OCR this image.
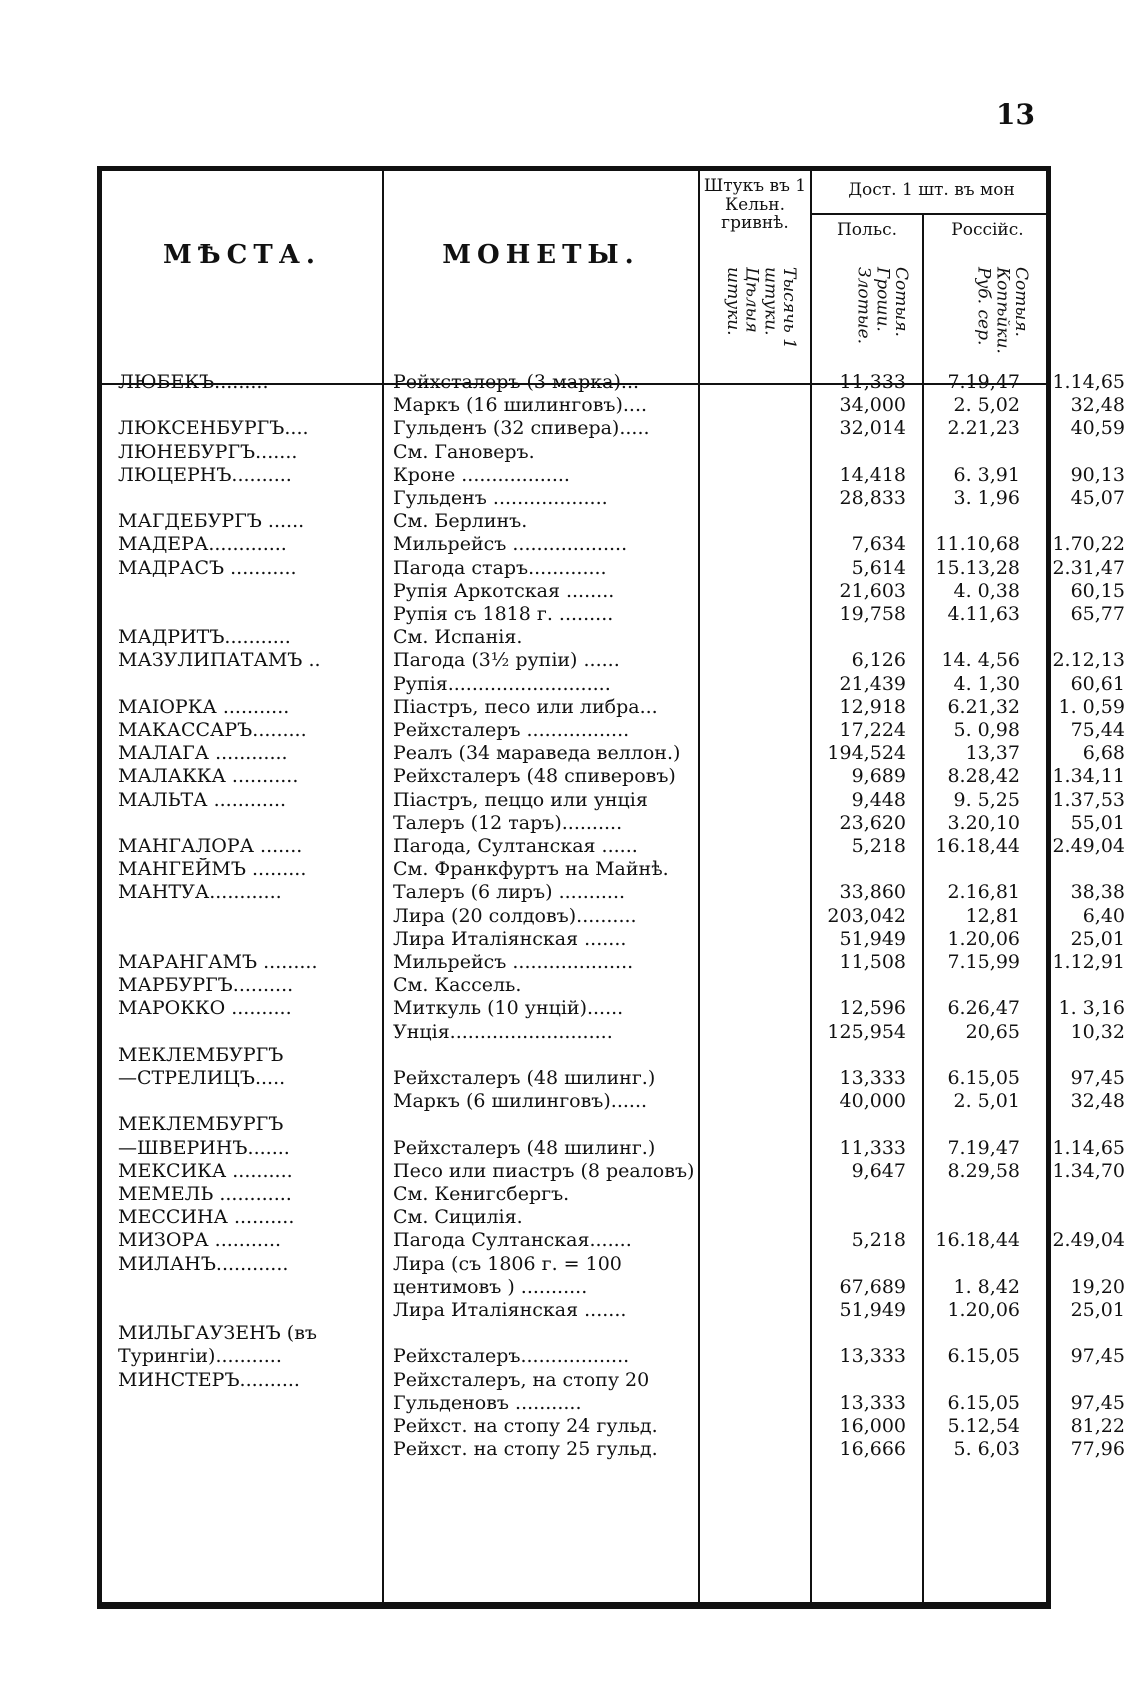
13
МѢСТА.	МОНЕТЫ.
Штукъ въ 1 Кельн. гривнѣ.
Дост. 1 шт. въ мон
Польс.	Россійс.
Тысячь 1 штуки. Цѣлыя штуки.	Сотыя. Гроши. Злотые.	Сотыя. Копѣйки. Руб. сер.
ЛЮБЕКЪ.........	Рейхсталеръ (3 марка)...	11,333	7.19,47	1.14,65
Маркъ (16 шилинговъ)....	34,000	2. 5,02	32,48
ЛЮКСЕНБУРГЪ....	Гульденъ (32 спивера).....	32,014	2.21,23	40,59
ЛЮНЕБУРГЪ.......	См. Гановеръ.
ЛЮЦЕРНЪ..........	Кроне ..................	14,418	6. 3,91	90,13
Гульденъ ...................	28,833	3. 1,96	45,07
МАГДЕБУРГЪ ......	См. Берлинъ.
МАДЕРА.............	Мильрейсъ ...................	7,634	11.10,68	1.70,22
МАДРАСЪ ...........	Пагода старъ.............	5,614	15.13,28	2.31,47
Рупія Аркотская ........	21,603	4. 0,38	60,15
Рупія съ 1818 г. .........	19,758	4.11,63	65,77
МАДРИТЪ...........	См. Испанія.
МАЗУЛИПАТАМЪ ..	Пагода (3½ рупіи) ......	6,126	14. 4,56	2.12,13
Рупія...........................	21,439	4. 1,30	60,61
МАІОРКА ...........	Піастръ, песо или либра...	12,918	6.21,32	1. 0,59
МАКАССАРЪ.........	Рейхсталеръ .................	17,224	5. 0,98	75,44
МАЛАГА ............	Реалъ (34 мараведа веллон.)	194,524	13,37	6,68
МАЛАККА ...........	Рейхсталеръ (48 спиверовъ)	9,689	8.28,42	1.34,11
МАЛЬТА ............	Піастръ, пеццо или унція	9,448	9. 5,25	1.37,53
Талеръ (12 таръ)..........	23,620	3.20,10	55,01
МАНГАЛОРА .......	Пагода, Султанская ......	5,218	16.18,44	2.49,04
МАНГЕЙМЪ .........	См. Франкфуртъ на Майнѣ.
МАНТУА............	Талеръ (6 лиръ) ...........	33,860	2.16,81	38,38
Лира (20 солдовъ)..........	203,042	12,81	6,40
Лира Италіянская .......	51,949	1.20,06	25,01
МАРАНГАМЪ .........	Мильрейсъ ....................	11,508	7.15,99	1.12,91
МАРБУРГЪ..........	См. Кассель.
МАРОККО ..........	Миткуль (10 унцій)......	12,596	6.26,47	1. 3,16
Унція...........................	125,954	20,65	10,32
МЕКЛЕМБУРГЪ
—СТРЕЛИЦЪ.....	Рейхсталеръ (48 шилинг.)	13,333	6.15,05	97,45
Маркъ (6 шилинговъ)......	40,000	2. 5,01	32,48
МЕКЛЕМБУРГЪ
—ШВЕРИНЪ.......	Рейхсталеръ (48 шилинг.)	11,333	7.19,47	1.14,65
МЕКСИКА ..........	Песо или пиастръ (8 реаловъ)	9,647	8.29,58	1.34,70
МЕМЕЛЬ ............	См. Кенигсбергъ.
МЕССИНА ..........	См. Сицилія.
МИЗОРА ...........	Пагода Султанская.......	5,218	16.18,44	2.49,04
МИЛАНЪ............	Лира (съ 1806 г. = 100
центимовъ ) ...........	67,689	1. 8,42	19,20
Лира Италіянская .......	51,949	1.20,06	25,01
МИЛЬГАУЗЕНЪ (въ
Турингіи)...........	Рейхсталеръ..................	13,333	6.15,05	97,45
МИНСТЕРЪ..........	Рейхсталеръ, на стопу 20
Гульденовъ ...........	13,333	6.15,05	97,45
Рейхст. на стопу 24 гульд.	16,000	5.12,54	81,22
Рейхст. на стопу 25 гульд.	16,666	5. 6,03	77,96
